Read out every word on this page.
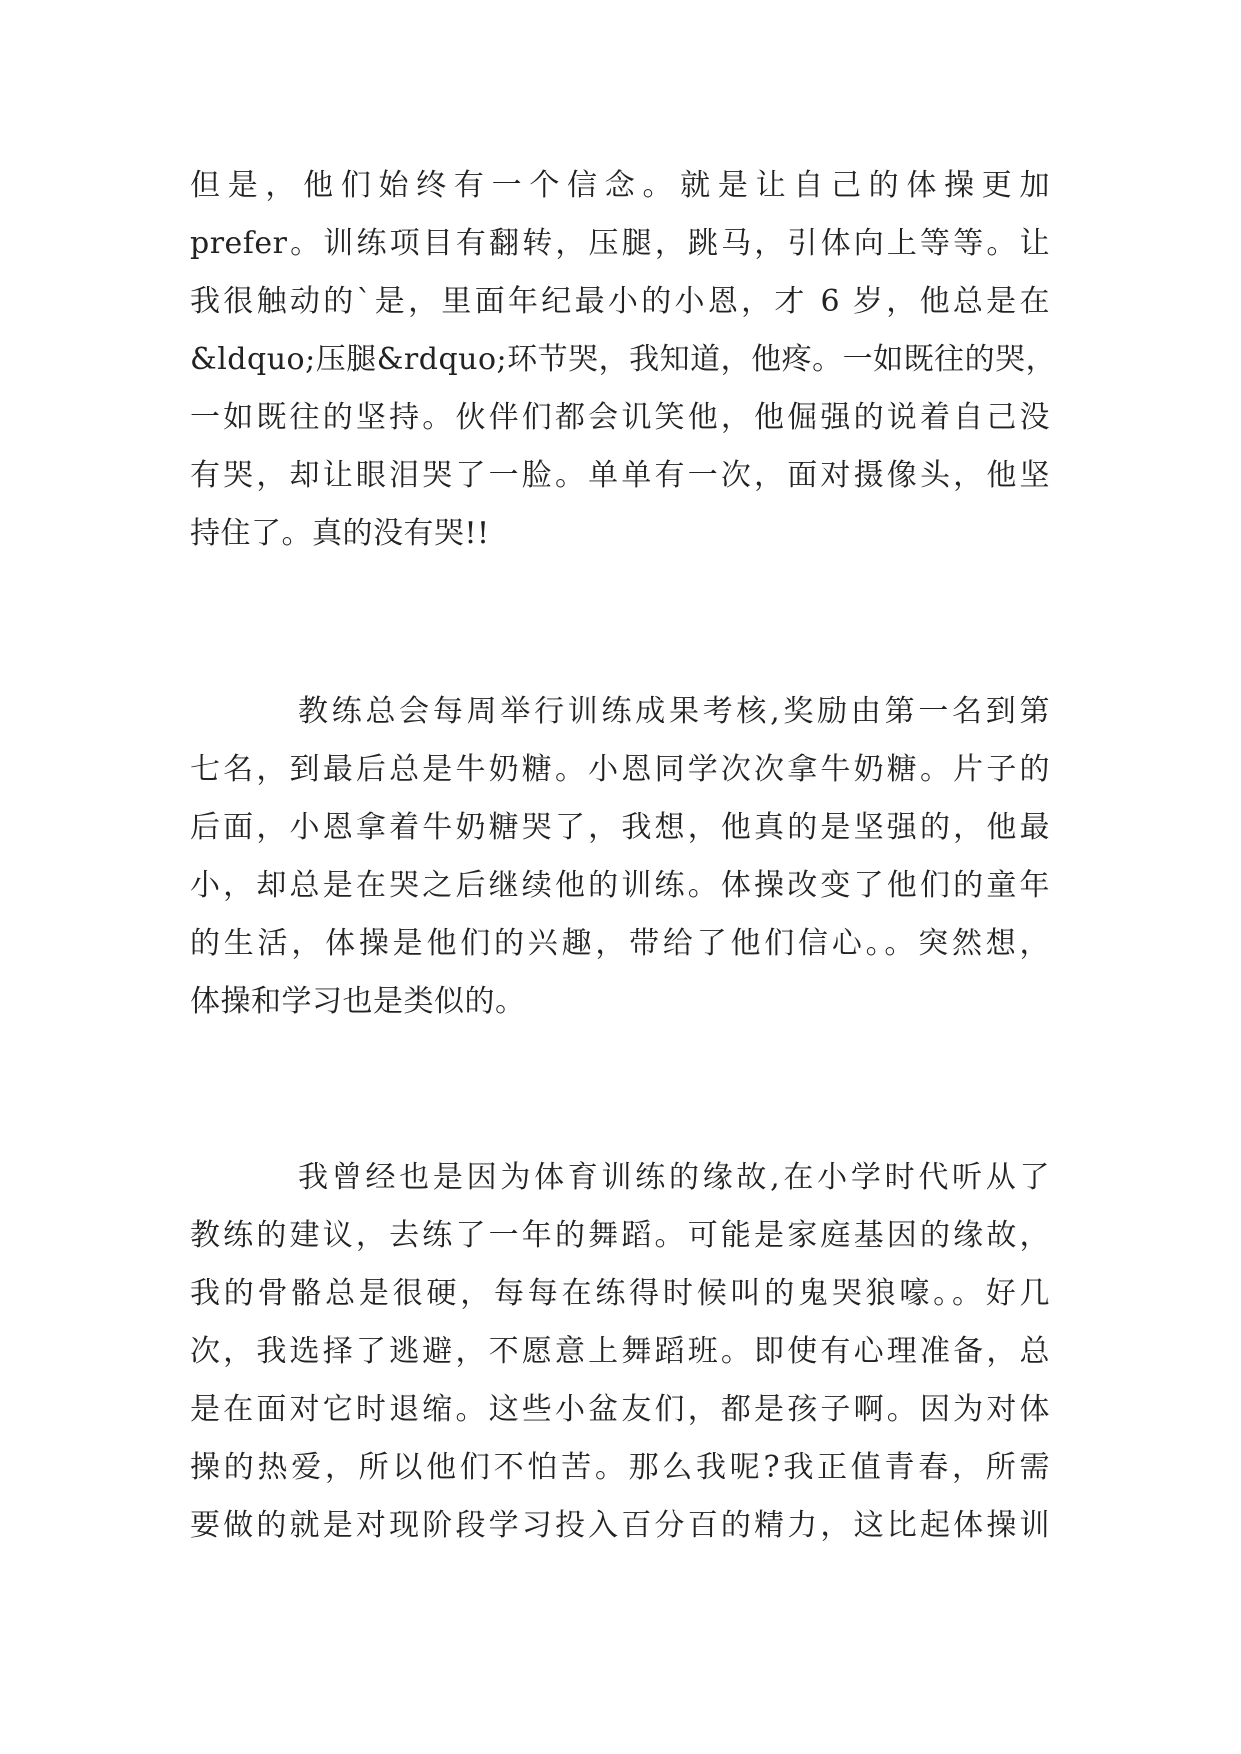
但是，他们始终有一个信念。就是让自己的体操更加
prefer。训练项目有翻转，压腿，跳马，引体向上等等。让
我很触动的`是，里面年纪最小的小恩，才 6 岁，他总是在
&ldquo;压腿&rdquo;环节哭，我知道，他疼。一如既往的哭，
一如既往的坚持。伙伴们都会讥笑他，他倔强的说着自己没
有哭，却让眼泪哭了一脸。单单有一次，面对摄像头，他坚
持住了。真的没有哭!!
教练总会每周举行训练成果考核,奖励由第一名到第
七名，到最后总是牛奶糖。小恩同学次次拿牛奶糖。片子的
后面，小恩拿着牛奶糖哭了，我想，他真的是坚强的，他最
小，却总是在哭之后继续他的训练。体操改变了他们的童年
的生活，体操是他们的兴趣，带给了他们信心。。突然想，
体操和学习也是类似的。
我曾经也是因为体育训练的缘故,在小学时代听从了
教练的建议，去练了一年的舞蹈。可能是家庭基因的缘故，
我的骨骼总是很硬，每每在练得时候叫的鬼哭狼嚎。。好几
次，我选择了逃避，不愿意上舞蹈班。即使有心理准备，总
是在面对它时退缩。这些小盆友们，都是孩子啊。因为对体
操的热爱，所以他们不怕苦。那么我呢?我正值青春，所需
要做的就是对现阶段学习投入百分百的精力，这比起体操训
